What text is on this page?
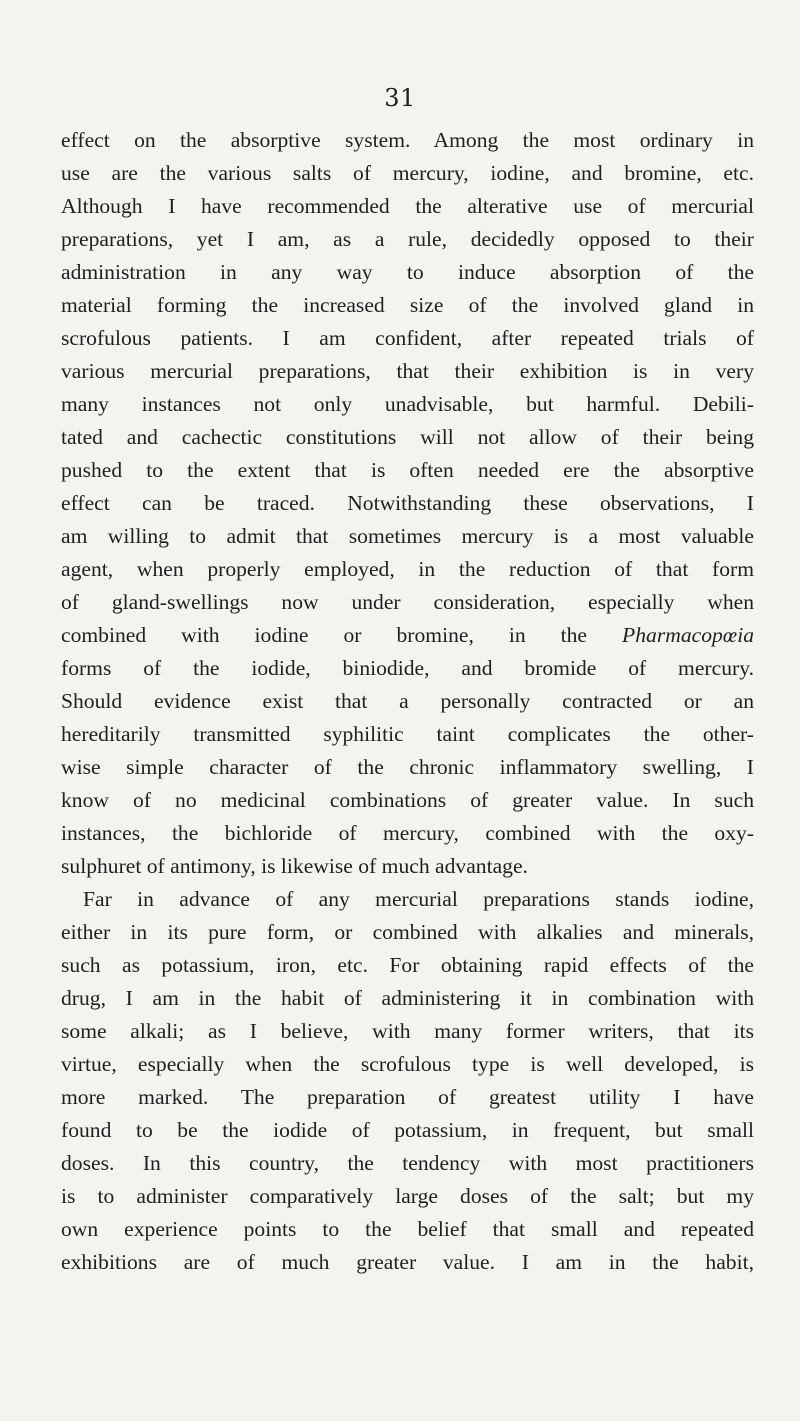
31
effect on the absorptive system. Among the most ordinary in
use are the various salts of mercury, iodine, and bromine, etc.
Although I have recommended the alterative use of mercurial
preparations, yet I am, as a rule, decidedly opposed to their
administration in any way to induce absorption of the
material forming the increased size of the involved gland in
scrofulous patients. I am confident, after repeated trials of
various mercurial preparations, that their exhibition is in very
many instances not only unadvisable, but harmful. Debili-
tated and cachectic constitutions will not allow of their being
pushed to the extent that is often needed ere the absorptive
effect can be traced. Notwithstanding these observations, I
am willing to admit that sometimes mercury is a most valuable
agent, when properly employed, in the reduction of that form
of gland-swellings now under consideration, especially when
combined with iodine or bromine, in the Pharmacopœia
forms of the iodide, biniodide, and bromide of mercury.
Should evidence exist that a personally contracted or an
hereditarily transmitted syphilitic taint complicates the other-
wise simple character of the chronic inflammatory swelling, I
know of no medicinal combinations of greater value. In such
instances, the bichloride of mercury, combined with the oxy-
sulphuret of antimony, is likewise of much advantage.
Far in advance of any mercurial preparations stands iodine,
either in its pure form, or combined with alkalies and minerals,
such as potassium, iron, etc. For obtaining rapid effects of the
drug, I am in the habit of administering it in combination with
some alkali; as I believe, with many former writers, that its
virtue, especially when the scrofulous type is well developed, is
more marked. The preparation of greatest utility I have
found to be the iodide of potassium, in frequent, but small
doses. In this country, the tendency with most practitioners
is to administer comparatively large doses of the salt; but my
own experience points to the belief that small and repeated
exhibitions are of much greater value. I am in the habit,
